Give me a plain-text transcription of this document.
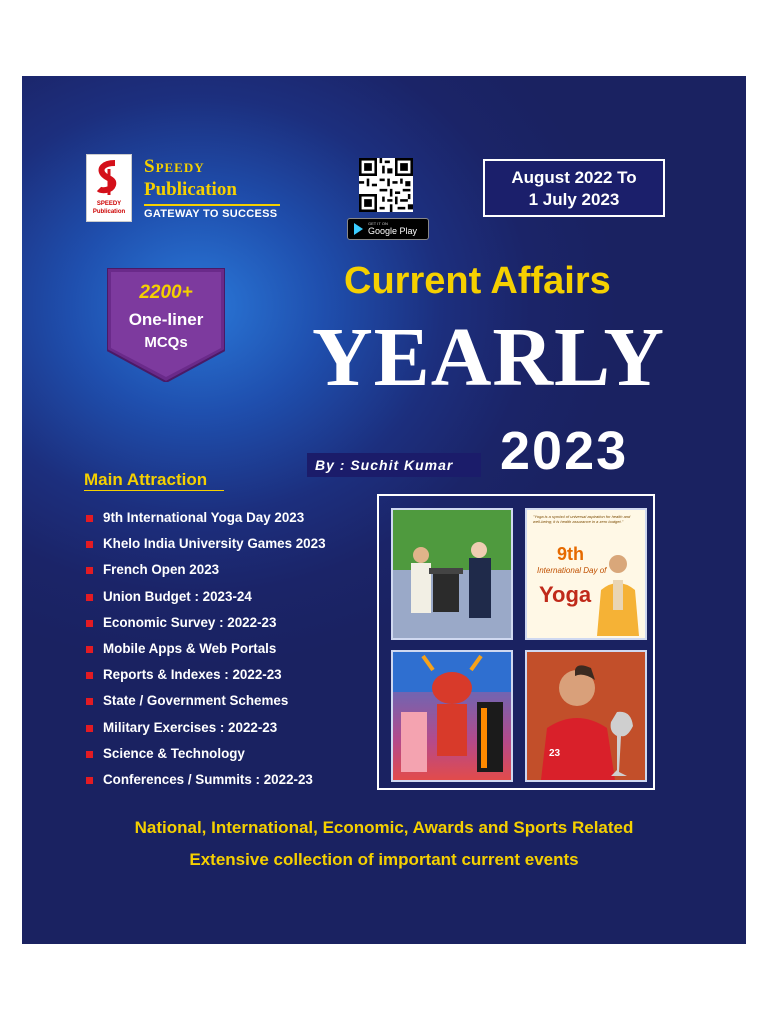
SPEEDY
Publication
Speedy
Publication
GATEWAY TO SUCCESS
GET IT ON
Google Play
August 2022 To
1 July 2023
2200+
One-liner
MCQs
Current Affairs
YEARLY
By : Suchit Kumar 2023
Main Attraction
9th International Yoga Day 2023
Khelo India University Games 2023
French Open 2023
Union Budget : 2023-24
Economic Survey : 2022-23
Mobile Apps & Web Portals
Reports & Indexes : 2022-23
State / Government Schemes
Military Exercises : 2022-23
Science & Technology
Conferences / Summits : 2022-23
"Yoga is a symbol of universal aspiration for health and well-being; it is health assurance in a zero budget."
9th
International Day of
Yoga
23
National, International, Economic, Awards and Sports Related
Extensive collection of important current events
